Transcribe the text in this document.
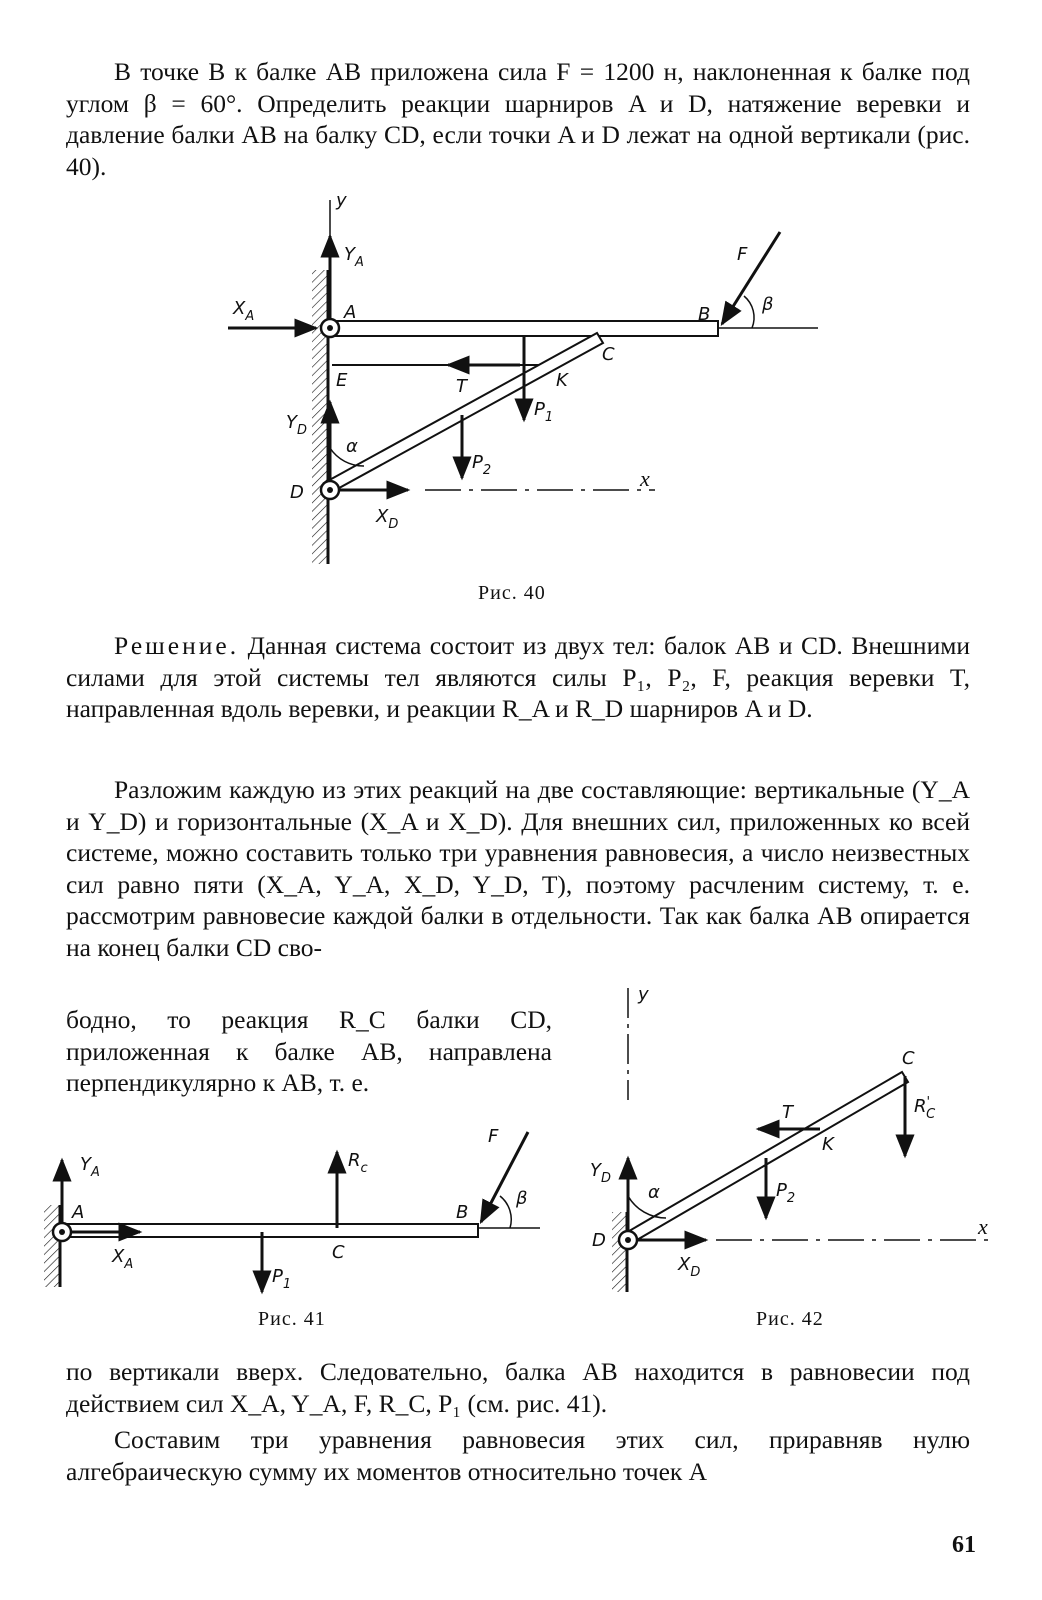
В точке B к балке AB приложена сила F = 1200 н, наклоненная к балке под углом β = 60°. Определить реакции шарниров A и D, натяжение веревки и давление балки AB на балку CD, если точки A и D лежат на одной вертикали (рис. 40).

y
$Y_A$
$X_A$	A	B
F
β
C
E	K
T
$P_1$
$P_2$
$Y_D$
α
D
$X_D$
x
Рис. 40

Решение. Данная система состоит из двух тел: балок AB и CD. Внешними силами для этой системы тел являются силы P₁, P₂, F, реакция веревки T, направленная вдоль веревки, и реакции R_A и R_D шарниров A и D.

Разложим каждую из этих реакций на две составляющие: вертикальные (Y_A и Y_D) и горизонтальные (X_A и X_D). Для внешних сил, приложенных ко всей системе, можно составить только три уравнения равновесия, а число неизвестных сил равно пяти (X_A, Y_A, X_D, Y_D, T), поэтому расчленим систему, т. е. рассмотрим равновесие каждой балки в отдельности. Так как балка AB опирается на конец балки CD сво-

бодно, то реакция R_C балки CD, приложенная к балке AB, направлена перпендикулярно к AB, т. е.

$Y_A$
A
$X_A$
$R_c$
C
$P_1$
B
F
β
Рис. 41
y
C
R' C
T
K
$P_2$
$Y_D$
α
D
$X_D$
x
Рис. 42

по вертикали вверх. Следовательно, балка AB находится в равновесии под действием сил X_A, Y_A, F, R_C, P₁ (см. рис. 41).

Составим три уравнения равновесия этих сил, приравняв нулю алгебраическую сумму их моментов относительно точек A

61
